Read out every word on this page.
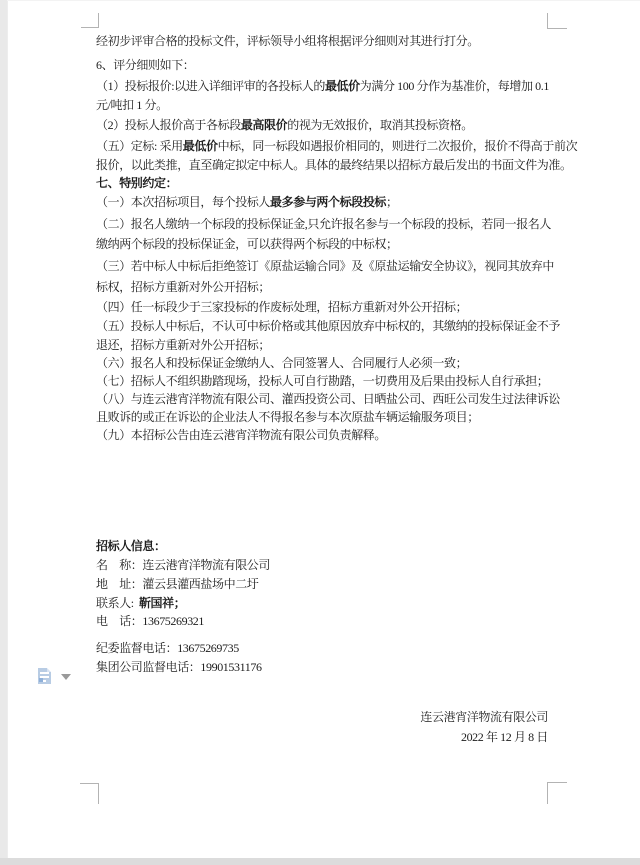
经初步评审合格的投标文件，评标领导小组将根据评分细则对其进行打分。
6、评分细则如下：
（1）投标报价:以进入详细评审的各投标人的最低价为满分 100 分作为基准价，每增加 0.1
元/吨扣 1 分。
（2）投标人报价高于各标段最高限价的视为无效报价，取消其投标资格。
（五）定标: 采用最低价中标，同一标段如遇报价相同的，则进行二次报价，报价不得高于前次
报价，以此类推，直至确定拟定中标人。具体的最终结果以招标方最后发出的书面文件为准。
七、特别约定：
（一）本次招标项目，每个投标人最多参与两个标段投标；
（二）报名人缴纳一个标段的投标保证金,只允许报名参与一个标段的投标，若同一报名人
缴纳两个标段的投标保证金，可以获得两个标段的中标权；
（三）若中标人中标后拒绝签订《原盐运输合同》及《原盐运输安全协议》，视同其放弃中
标权，招标方重新对外公开招标；
（四）任一标段少于三家投标的作废标处理，招标方重新对外公开招标；
（五）投标人中标后，不认可中标价格或其他原因放弃中标权的，其缴纳的投标保证金不予
退还，招标方重新对外公开招标；
（六）报名人和投标保证金缴纳人、合同签署人、合同履行人必须一致；
（七）招标人不组织勘踏现场，投标人可自行勘踏，一切费用及后果由投标人自行承担；
（八）与连云港宵洋物流有限公司、灌西投资公司、日晒盐公司、西旺公司发生过法律诉讼
且败诉的或正在诉讼的企业法人不得报名参与本次原盐车辆运输服务项目；
（九）本招标公告由连云港宵洋物流有限公司负责解释。
招标人信息：
名　称：连云港宵洋物流有限公司
地　址：灌云县灌西盐场中二圩
联系人:  靳国祥；
电　话：13675269321
纪委监督电话：13675269735
集团公司监督电话：19901531176
连云港宵洋物流有限公司
2022 年 12 月 8 日
